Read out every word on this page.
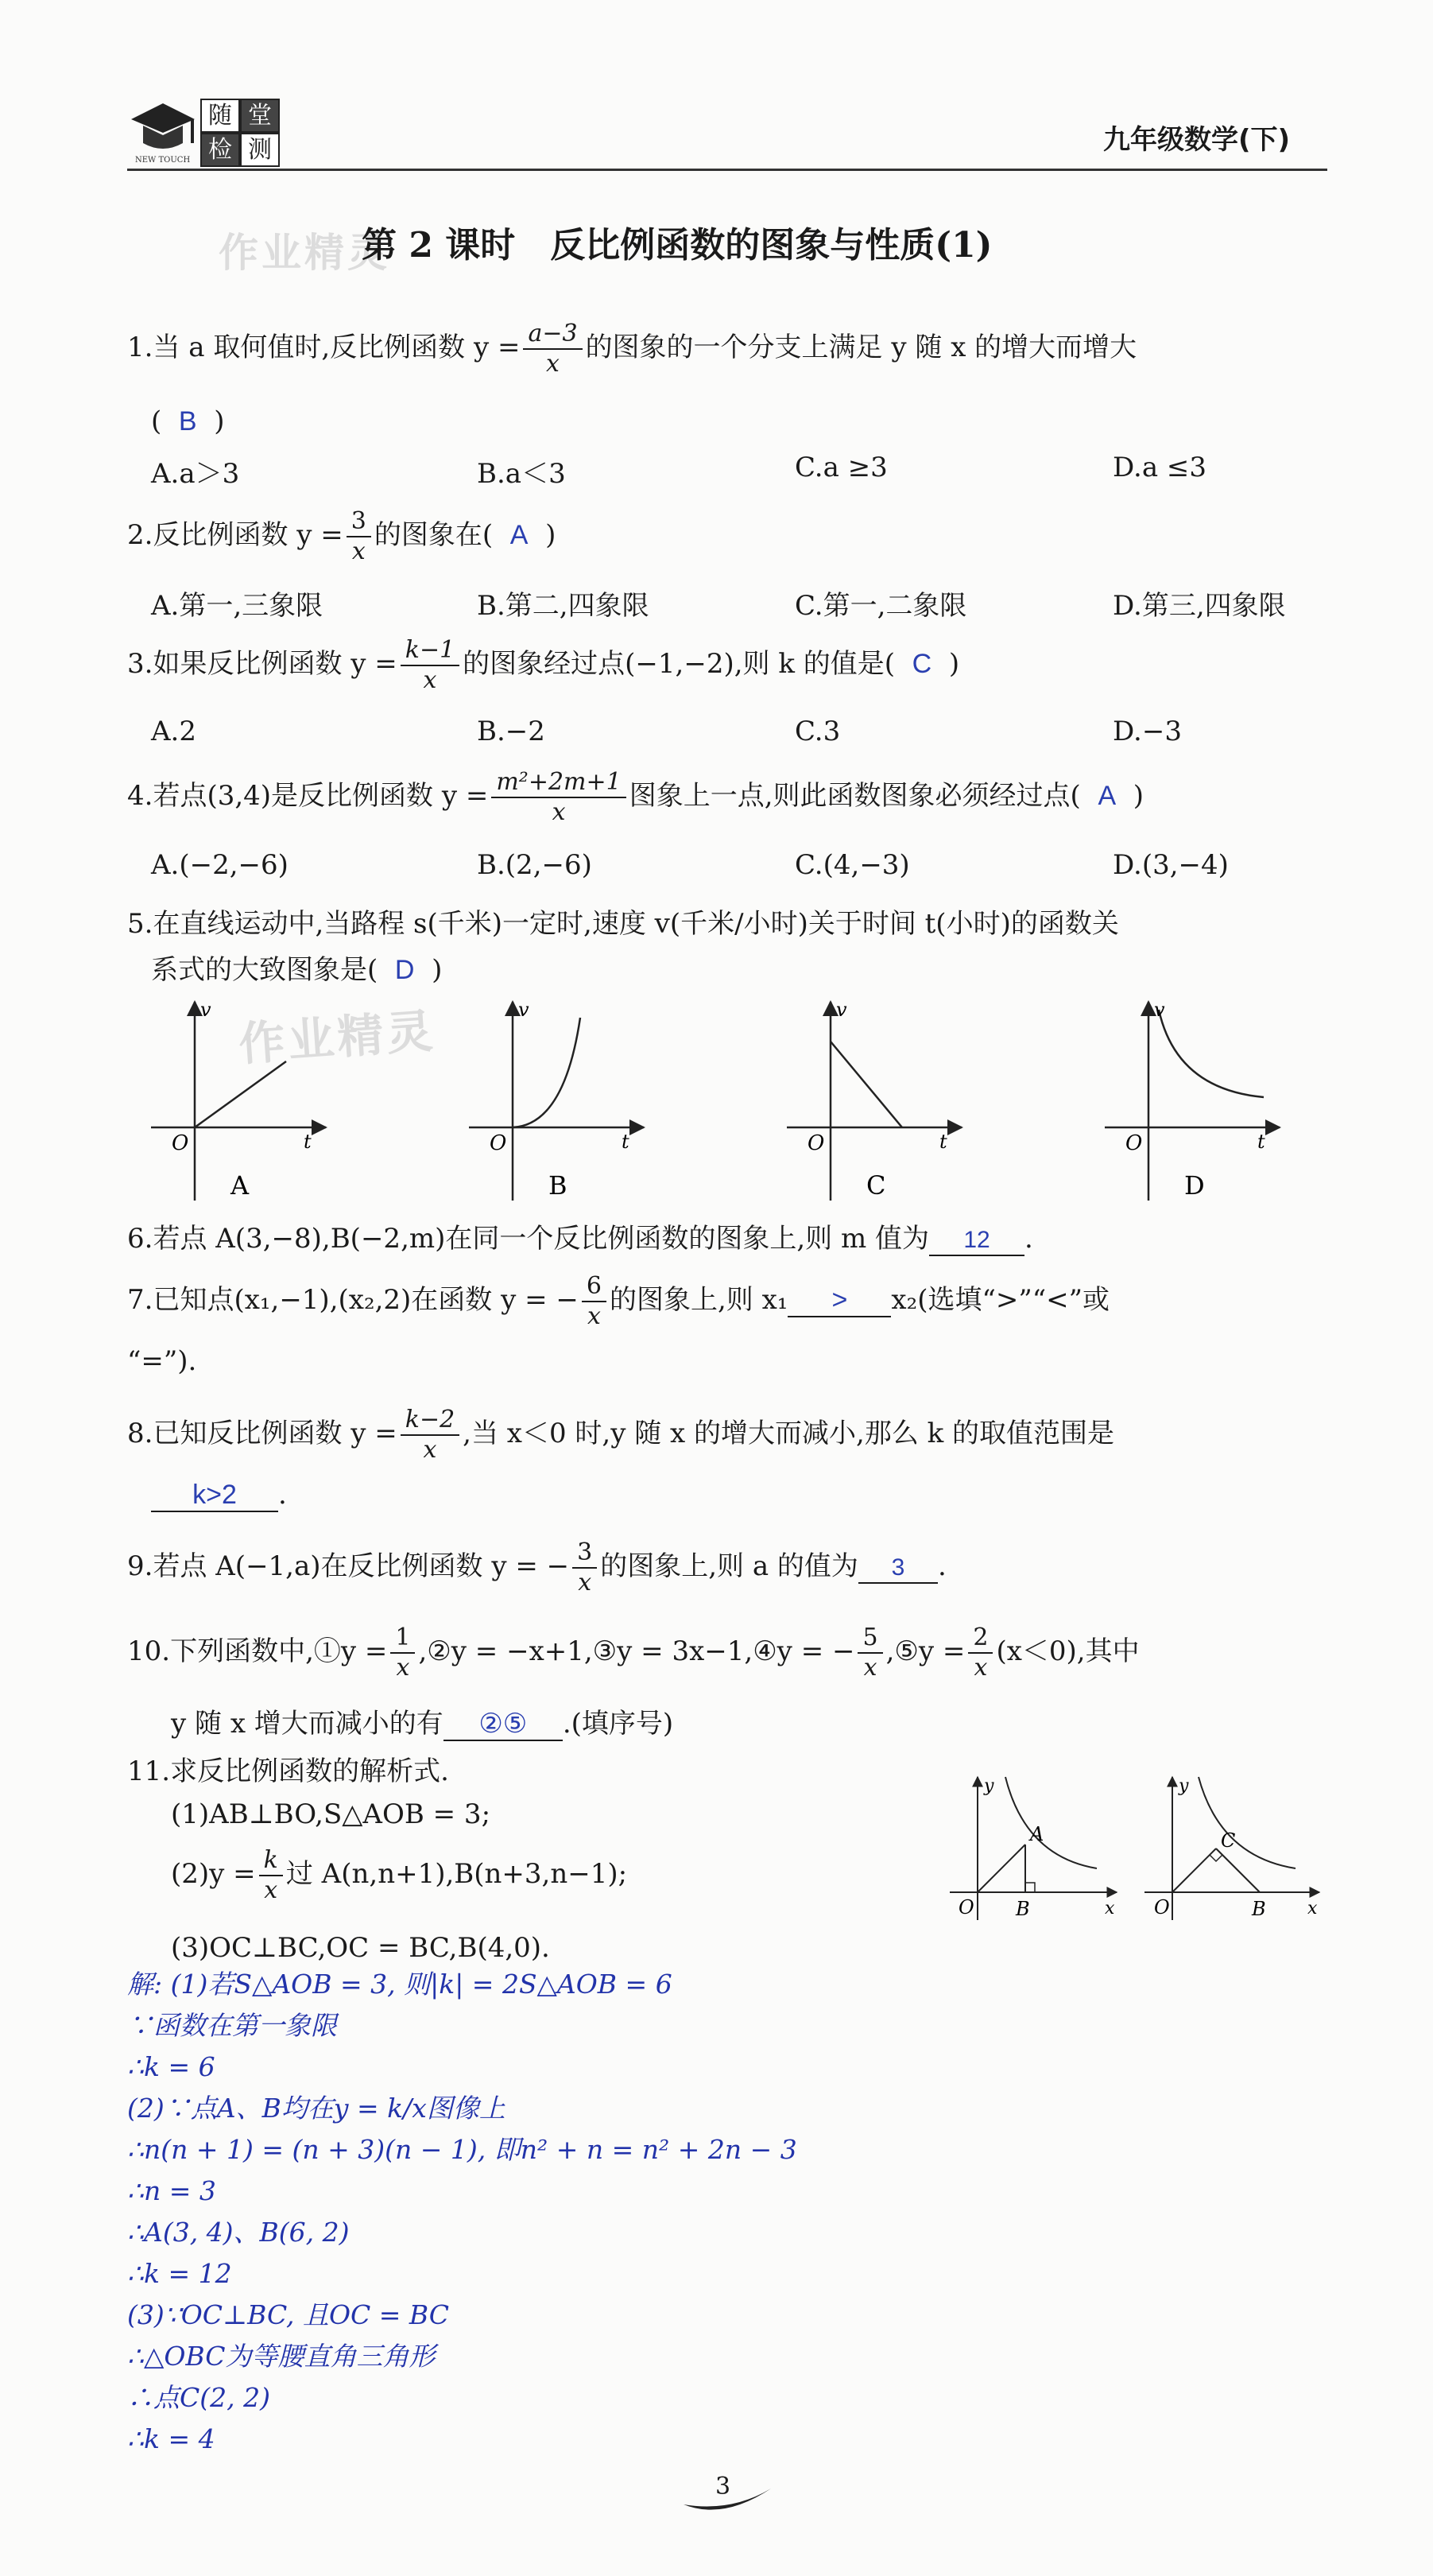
NEW TOUCH
随 堂
检 测	九年级数学(下)
作业精灵
第 2 课时　反比例函数的图象与性质(1)
1.当 a 取何值时,反比例函数 $y = \frac{a-3}{x}$ 的图象的一个分支上满足 y 随 x 的增大而增大
( B )
A.a＞3	B.a＜3	C.a ≥3	D.a ≤3
2.反比例函数 $y = \frac{3}{x}$ 的图象在( A )
A.第一,三象限	B.第二,四象限	C.第一,二象限	D.第三,四象限
3.如果反比例函数 $y = \frac{k-1}{x}$ 的图象经过点(−1,−2),则 k 的值是( C )
A.2	B.−2	C.3	D.−3
4.若点(3,4)是反比例函数 $y = \frac{\text{m²+2m+1}}{x}$ 图象上一点,则此函数图象必须经过点( A )
A.(−2,−6)	B.(2,−6)	C.(4,−3)	D.(3,−4)
5.在直线运动中,当路程 s(千米)一定时,速度 v(千米/小时)关于时间 t(小时)的函数关
系式的大致图象是( D )
作业精灵
v
t
O
A
v
t
O
B
v
t
O
C
v
t
O
D
6.若点 A(3,−8),B(−2,m)在同一个反比例函数的图象上,则 m 值为 12 .
7.已知点(x₁,−1),(x₂,2)在函数 y = − $\frac{6}{x}$ 的图象上,则 x₁ > x₂(选填“>”“<”或
“=”).
8.已知反比例函数 $y = \frac{k-2}{x}$ ,当 x＜0 时,y 随 x 的增大而减小,那么 k 的取值范围是
k>2 .
9.若点 A(−1,a)在反比例函数 y = − $\frac{3}{x}$ 的图象上,则 a 的值为 3 .
10.下列函数中,①y = $\frac{1}{x}$ ,②y = −x+1,③y = 3x−1,④y = − $\frac{5}{x}$ ,⑤y = $\frac{2}{x} (x<0)$,其中
y 随 x 增大而减小的有 ②⑤ .(填序号)
11.求反比例函数的解析式.
(1)AB⊥BO,S△AOB = 3;
$(2)y = \frac{k}{x}$ 过 A(n,n+1),B(n+3,n−1);
(3)OC⊥BC,OC = BC,B(4,0).
y
x
O
A
B
y
x
O
C
B
解: (1)若S△AOB = 3, 则|k| = 2S△AOB = 6
∵函数在第一象限
∴k = 6
(2)∵点A、B均在y = k/x图像上
∴n(n + 1) = (n + 3)(n − 1), 即n² + n = n² + 2n − 3
∴n = 3
∴A(3, 4)、B(6, 2)
∴k = 12
(3)∵OC⊥BC, 且OC = BC
∴△OBC为等腰直角三角形
∴点C(2, 2)
∴k = 4
3
